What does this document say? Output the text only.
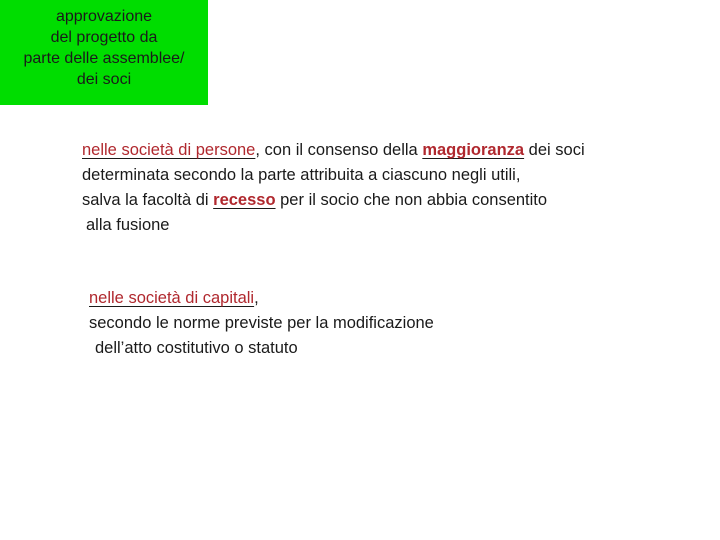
approvazione
del progetto da
parte delle assemblee/
dei soci
nelle società di persone, con il consenso della maggioranza dei soci
determinata secondo la parte attribuita a ciascuno negli utili,
salva la facoltà di recesso per il socio che non abbia consentito
alla fusione
nelle società di capitali,
secondo le norme previste per la modificazione
dell’atto costitutivo o statuto
